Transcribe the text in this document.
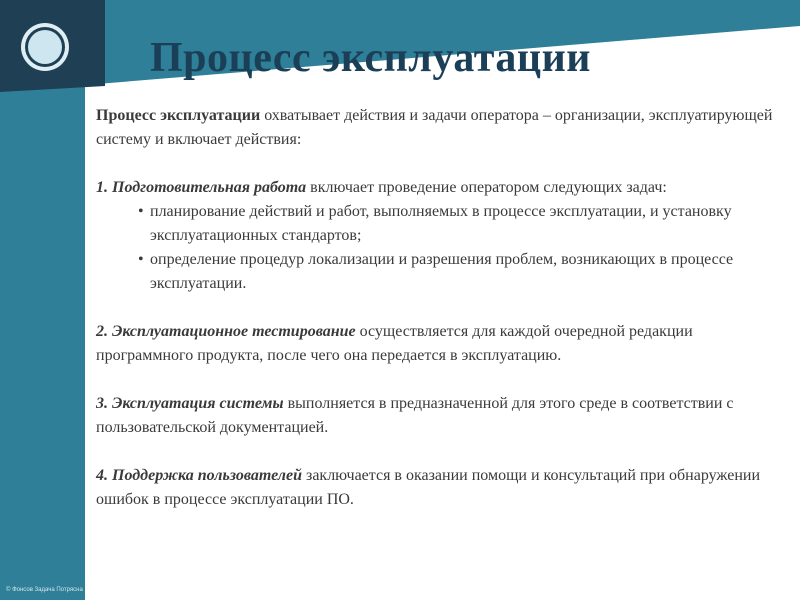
Процесс эксплуатации

Процесс эксплуатации охватывает действия и задачи оператора – организации, эксплуатирующей систему и включает действия:

1. Подготовительная работа включает проведение оператором следующих задач:
• планирование действий и работ, выполняемых в процессе эксплуатации, и установку эксплуатационных стандартов;
• определение процедур локализации и разрешения проблем, возникающих в процессе эксплуатации.

2. Эксплуатационное тестирование осуществляется для каждой очередной редакции программного продукта, после чего она передается в эксплуатацию.

3. Эксплуатация системы выполняется в предназначенной для этого среде в соответствии с пользовательской документацией.

4. Поддержка пользователей заключается в оказании помощи и консультаций при обнаружении ошибок в процессе эксплуатации ПО.

© Фонсов Задача Потрясна
